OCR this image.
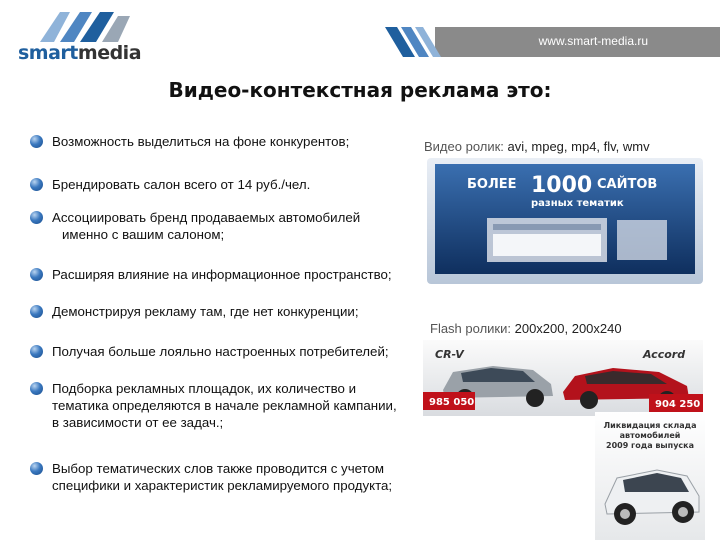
smartmedia
www.smart-media.ru
Видео-контекстная реклама это:
Возможность выделиться на фоне конкурентов;
Брендировать салон всего от 14 руб./чел.
Ассоциировать бренд продаваемых автомобилей
именно с вашим салоном;
Расширяя влияние на информационное пространство;
Демонстрируя рекламу там, где нет конкуренции;
Получая больше лояльно настроенных потребителей;
Подборка рекламных площадок, их количество и
тематика определяются в начале рекламной кампании,
в зависимости от ее задач.;
Выбор тематических слов также проводится с учетом
специфики и характеристик рекламируемого продукта;
Видео ролик: avi, mpeg, mp4, flv, wmv
БОЛЕЕ 1000 САЙТОВ
разных тематик
Flash ролики: 200x200, 200x240
CR-V	Accord
985 050	904 250
Ликвидация склада
автомобилей
2009 года выпуска
